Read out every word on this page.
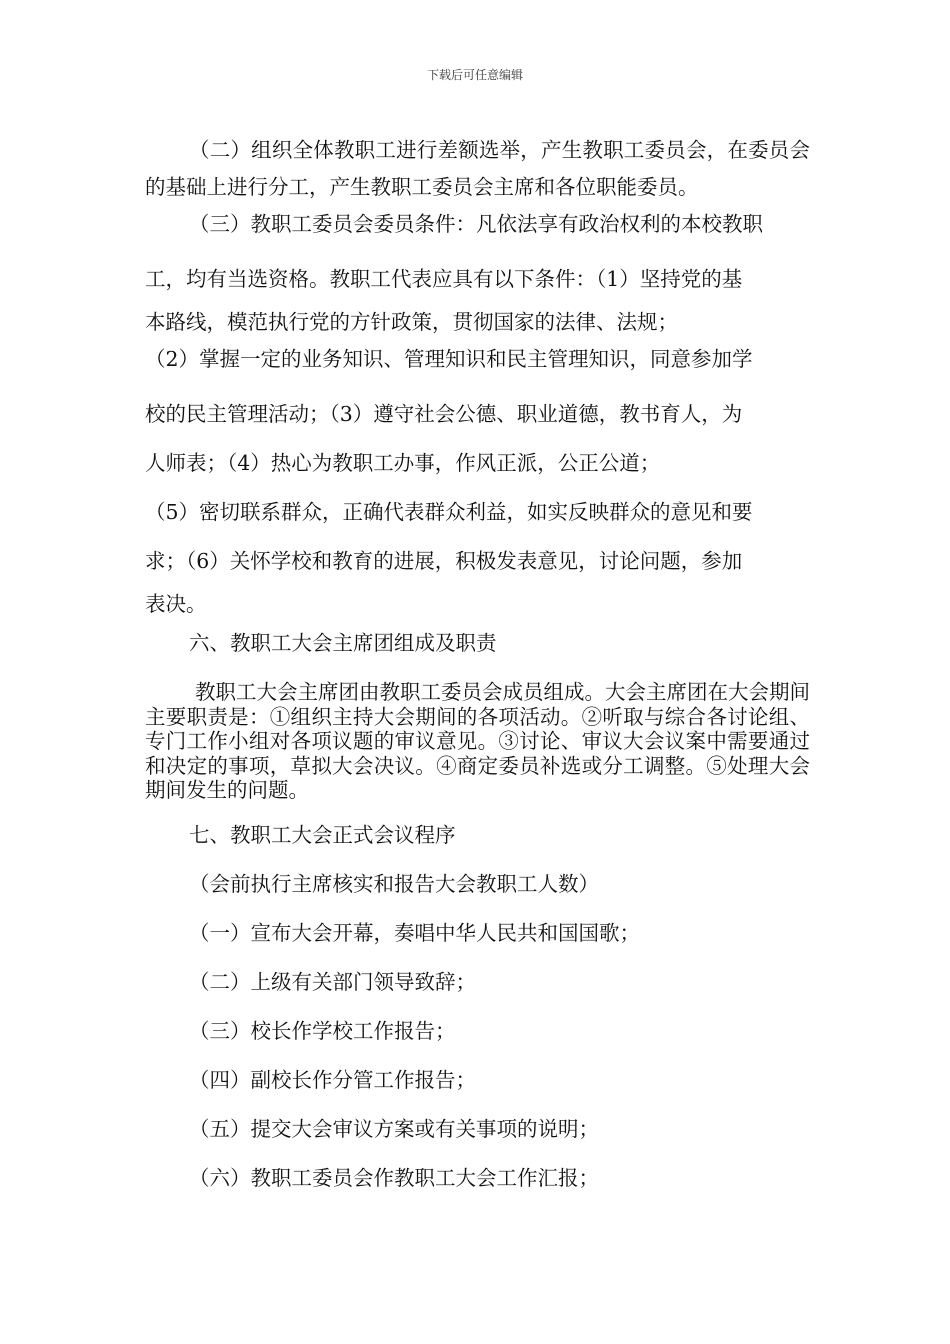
下载后可任意编辑

（二）组织全体教职工进行差额选举，产生教职工委员会，在委员会的基础上进行分工，产生教职工委员会主席和各位职能委员。

（三）教职工委员会委员条件：凡依法享有政治权利的本校教职

工，均有当选资格。教职工代表应具有以下条件：（1）坚持党的基

本路线，模范执行党的方针政策，贯彻国家的法律、法规；

（2）掌握一定的业务知识、管理知识和民主管理知识，同意参加学

校的民主管理活动；（3）遵守社会公德、职业道德，教书育人，为

人师表；（4）热心为教职工办事，作风正派，公正公道；

（5）密切联系群众，正确代表群众利益，如实反映群众的意见和要

求；（6）关怀学校和教育的进展，积极发表意见，讨论问题，参加

表决。

六、教职工大会主席团组成及职责

教职工大会主席团由教职工委员会成员组成。大会主席团在大会期间主要职责是：①组织主持大会期间的各项活动。②听取与综合各讨论组、专门工作小组对各项议题的审议意见。③讨论、审议大会议案中需要通过和决定的事项，草拟大会决议。④商定委员补选或分工调整。⑤处理大会期间发生的问题。

七、教职工大会正式会议程序

（会前执行主席核实和报告大会教职工人数）

（一）宣布大会开幕，奏唱中华人民共和国国歌；

（二）上级有关部门领导致辞；

（三）校长作学校工作报告；

（四）副校长作分管工作报告；

（五）提交大会审议方案或有关事项的说明；

（六）教职工委员会作教职工大会工作汇报；
